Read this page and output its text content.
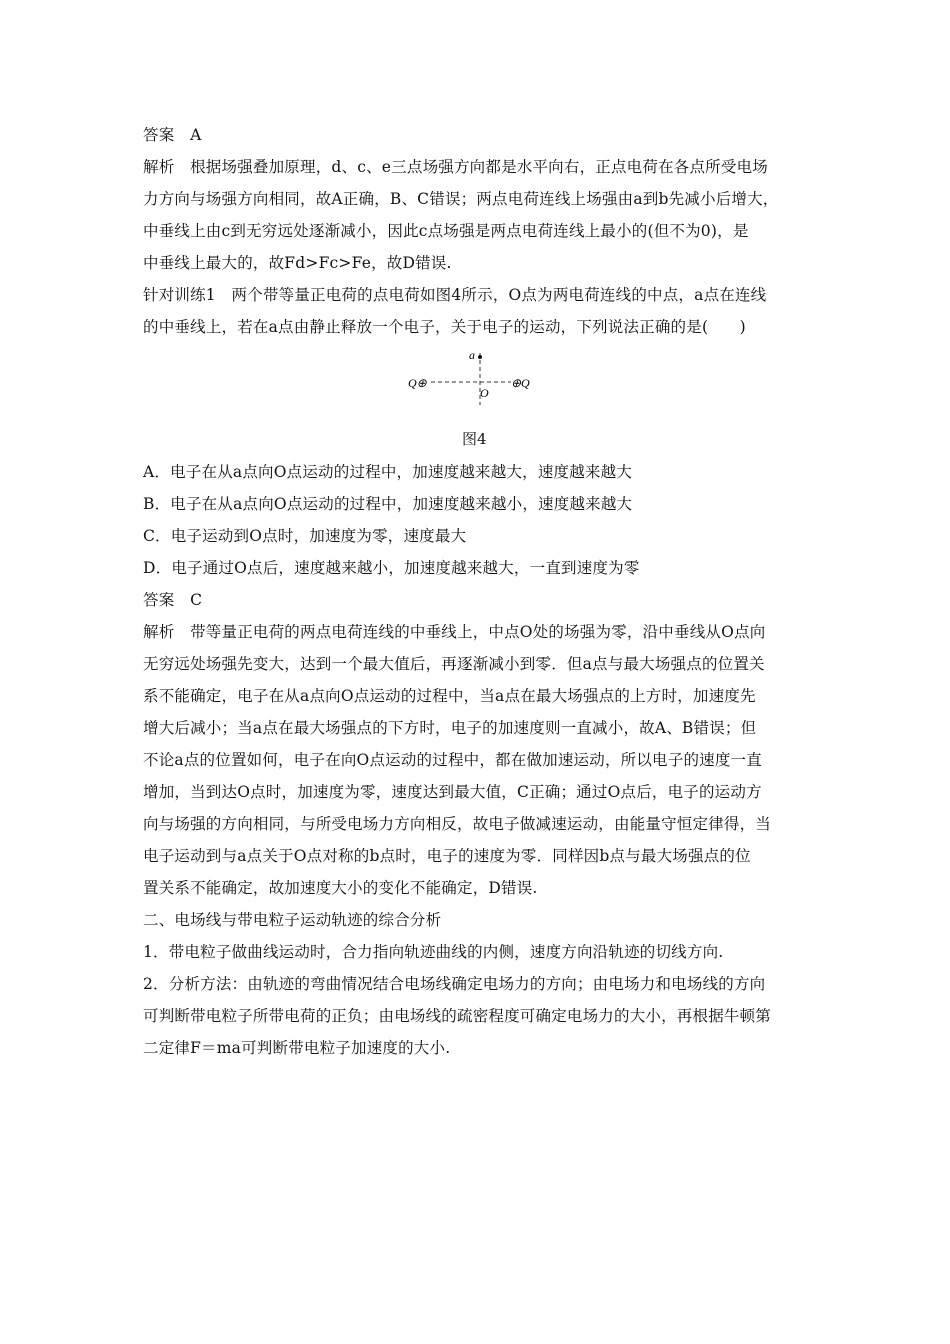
答案　A
解析　根据场强叠加原理，d、c、e三点场强方向都是水平向右，正点电荷在各点所受电场
力方向与场强方向相同，故A正确，B、C错误；两点电荷连线上场强由a到b先减小后增大，
中垂线上由c到无穷远处逐渐减小，因此c点场强是两点电荷连线上最小的(但不为0)，是
中垂线上最大的，故Fd>Fc>Fe，故D错误.
针对训练1　两个带等量正电荷的点电荷如图4所示，O点为两电荷连线的中点，a点在连线
的中垂线上，若在a点由静止释放一个电子，关于电子的运动，下列说法正确的是(　　)
a
O
Q⊕	⊕Q
图4
A．电子在从a点向O点运动的过程中，加速度越来越大，速度越来越大
B．电子在从a点向O点运动的过程中，加速度越来越小，速度越来越大
C．电子运动到O点时，加速度为零，速度最大
D．电子通过O点后，速度越来越小，加速度越来越大，一直到速度为零
答案　C
解析　带等量正电荷的两点电荷连线的中垂线上，中点O处的场强为零，沿中垂线从O点向
无穷远处场强先变大，达到一个最大值后，再逐渐减小到零．但a点与最大场强点的位置关
系不能确定，电子在从a点向O点运动的过程中，当a点在最大场强点的上方时，加速度先
增大后减小；当a点在最大场强点的下方时，电子的加速度则一直减小，故A、B错误；但
不论a点的位置如何，电子在向O点运动的过程中，都在做加速运动，所以电子的速度一直
增加，当到达O点时，加速度为零，速度达到最大值，C正确；通过O点后，电子的运动方
向与场强的方向相同，与所受电场力方向相反，故电子做减速运动，由能量守恒定律得，当
电子运动到与a点关于O点对称的b点时，电子的速度为零．同样因b点与最大场强点的位
置关系不能确定，故加速度大小的变化不能确定，D错误.
二、电场线与带电粒子运动轨迹的综合分析
1．带电粒子做曲线运动时，合力指向轨迹曲线的内侧，速度方向沿轨迹的切线方向.
2．分析方法：由轨迹的弯曲情况结合电场线确定电场力的方向；由电场力和电场线的方向
可判断带电粒子所带电荷的正负；由电场线的疏密程度可确定电场力的大小，再根据牛顿第
二定律F＝ma可判断带电粒子加速度的大小.
